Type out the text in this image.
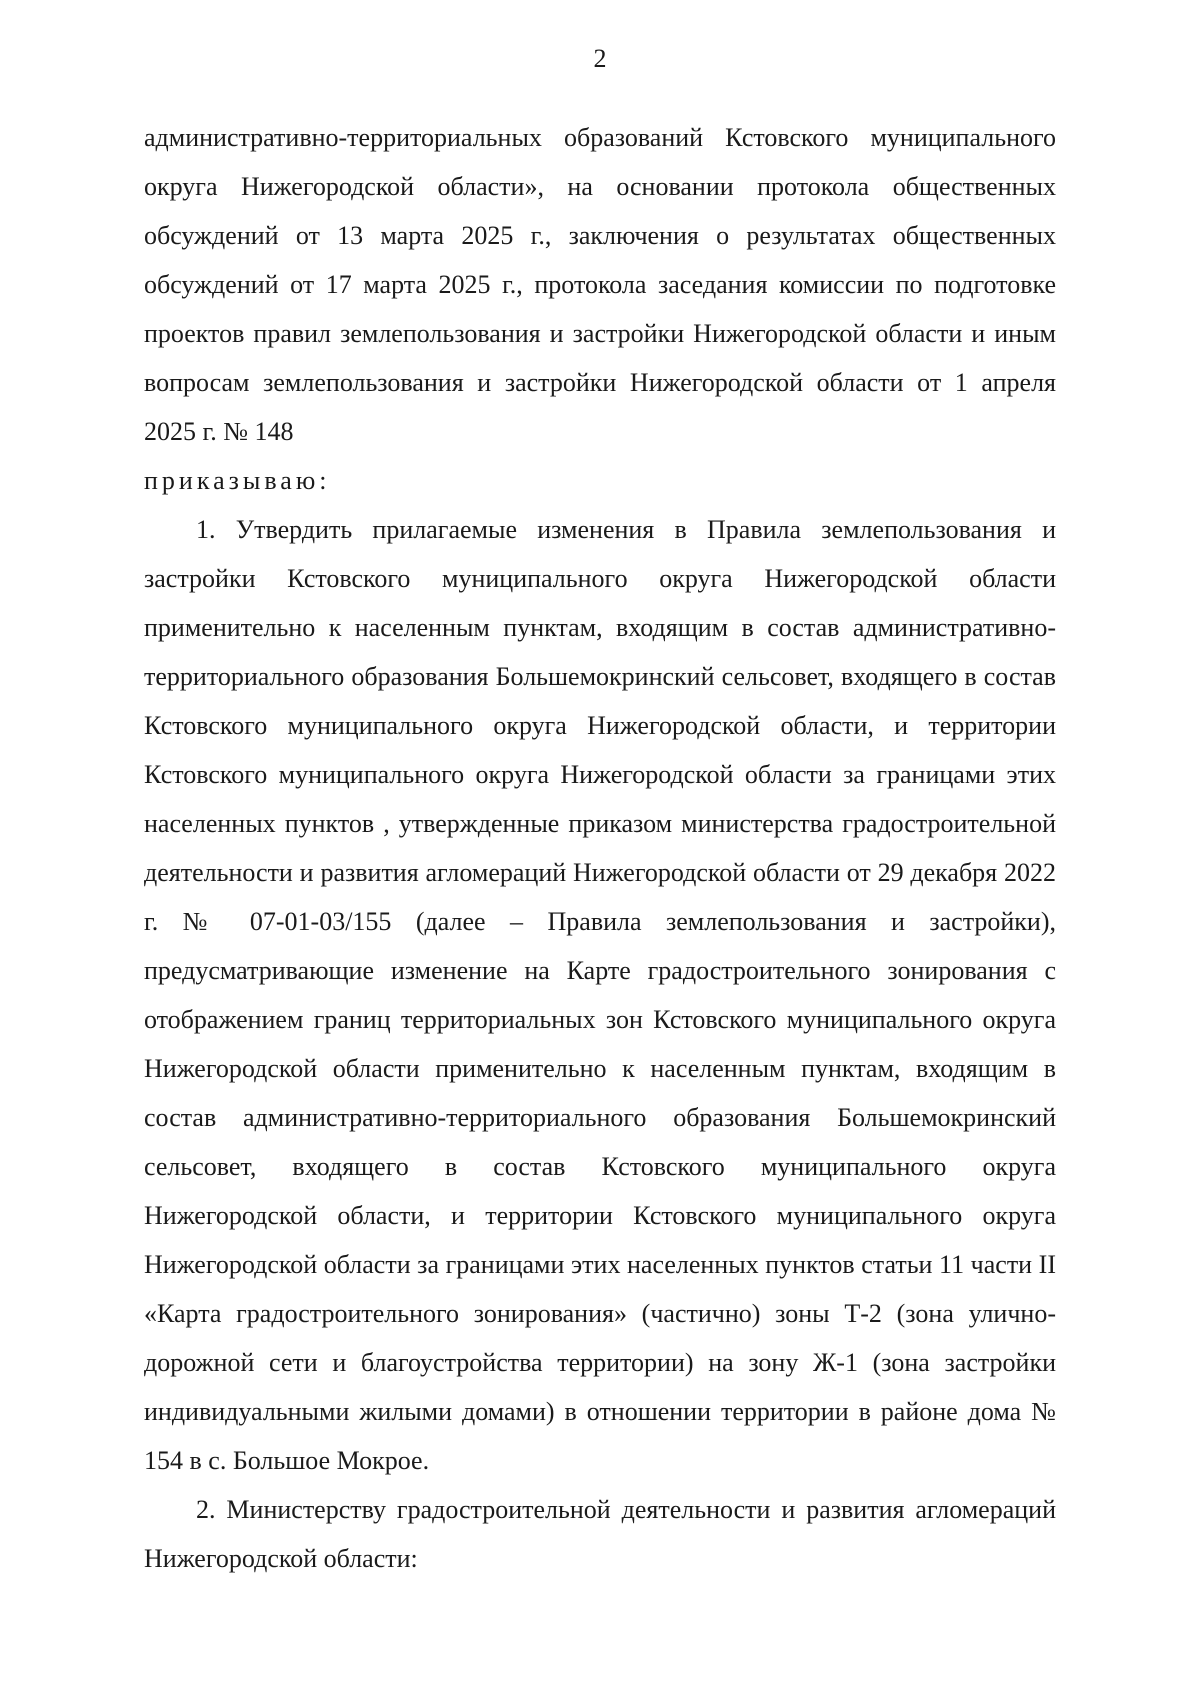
2

административно-территориальных образований Кстовского муниципального округа Нижегородской области», на основании протокола общественных обсуждений от 13 марта 2025 г., заключения о результатах общественных обсуждений от 17 марта 2025 г., протокола заседания комиссии по подготовке проектов правил землепользования и застройки Нижегородской области и иным вопросам землепользования и застройки Нижегородской области от 1 апреля 2025 г. № 148

приказываю:

1. Утвердить прилагаемые изменения в Правила землепользования и застройки Кстовского муниципального округа Нижегородской области применительно к населенным пунктам, входящим в состав административно-территориального образования Большемокринский сельсовет, входящего в состав Кстовского муниципального округа Нижегородской области, и территории Кстовского муниципального округа Нижегородской области за границами этих населенных пунктов , утвержденные приказом министерства градостроительной деятельности и развития агломераций Нижегородской области от 29 декабря 2022 г. № 07-01-03/155 (далее – Правила землепользования и застройки), предусматривающие изменение на Карте градостроительного зонирования с отображением границ территориальных зон Кстовского муниципального округа Нижегородской области применительно к населенным пунктам, входящим в состав административно-территориального образования Большемокринский сельсовет, входящего в состав Кстовского муниципального округа Нижегородской области, и территории Кстовского муниципального округа Нижегородской области за границами этих населенных пунктов статьи 11 части II «Карта градостроительного зонирования» (частично) зоны Т-2 (зона улично-дорожной сети и благоустройства территории) на зону Ж-1 (зона застройки индивидуальными жилыми домами) в отношении территории в районе дома № 154 в с. Большое Мокрое.

2. Министерству градостроительной деятельности и развития агломераций Нижегородской области:
